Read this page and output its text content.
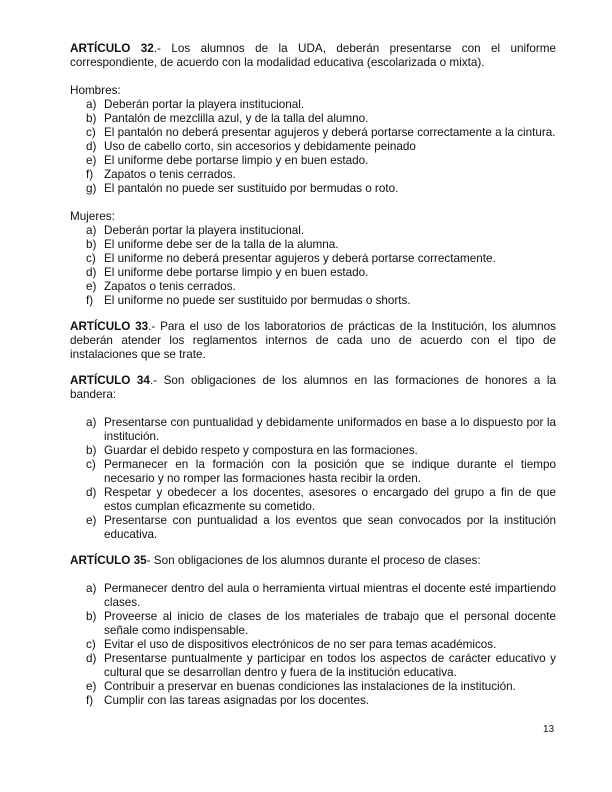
ARTÍCULO 32.- Los alumnos de la UDA, deberán presentarse con el uniforme correspondiente, de acuerdo con la modalidad educativa (escolarizada o mixta).

Hombres:

a) Deberán portar la playera institucional.
b) Pantalón de mezclilla azul, y de la talla del alumno.
c) El pantalón no deberá presentar agujeros y deberá portarse correctamente a la cintura.
d) Uso de cabello corto, sin accesorios y debidamente peinado
e) El uniforme debe portarse limpio y en buen estado.
f) Zapatos o tenis cerrados.
g) El pantalón no puede ser sustituido por bermudas o roto.

Mujeres:

a) Deberán portar la playera institucional.
b) El uniforme debe ser de la talla de la alumna.
c) El uniforme no deberá presentar agujeros y deberá portarse correctamente.
d) El uniforme debe portarse limpio y en buen estado.
e) Zapatos o tenis cerrados.
f) El uniforme no puede ser sustituido por bermudas o shorts.

ARTÍCULO 33.- Para el uso de los laboratorios de prácticas de la Institución, los alumnos deberán atender los reglamentos internos de cada uno de acuerdo con el tipo de instalaciones que se trate.

ARTÍCULO 34.- Son obligaciones de los alumnos en las formaciones de honores a la bandera:

a) Presentarse con puntualidad y debidamente uniformados en base a lo dispuesto por la institución.
b) Guardar el debido respeto y compostura en las formaciones.
c) Permanecer en la formación con la posición que se indique durante el tiempo necesario y no romper las formaciones hasta recibir la orden.
d) Respetar y obedecer a los docentes, asesores o encargado del grupo a fin de que estos cumplan eficazmente su cometido.
e) Presentarse con puntualidad a los eventos que sean convocados por la institución educativa.

ARTÍCULO 35- Son obligaciones de los alumnos durante el proceso de clases:

a) Permanecer dentro del aula o herramienta virtual mientras el docente esté impartiendo clases.
b) Proveerse al inicio de clases de los materiales de trabajo que el personal docente señale como indispensable.
c) Evitar el uso de dispositivos electrónicos de no ser para temas académicos.
d) Presentarse puntualmente y participar en todos los aspectos de carácter educativo y cultural que se desarrollan dentro y fuera de la institución educativa.
e) Contribuir a preservar en buenas condiciones las instalaciones de la institución.
f) Cumplir con las tareas asignadas por los docentes.
13
